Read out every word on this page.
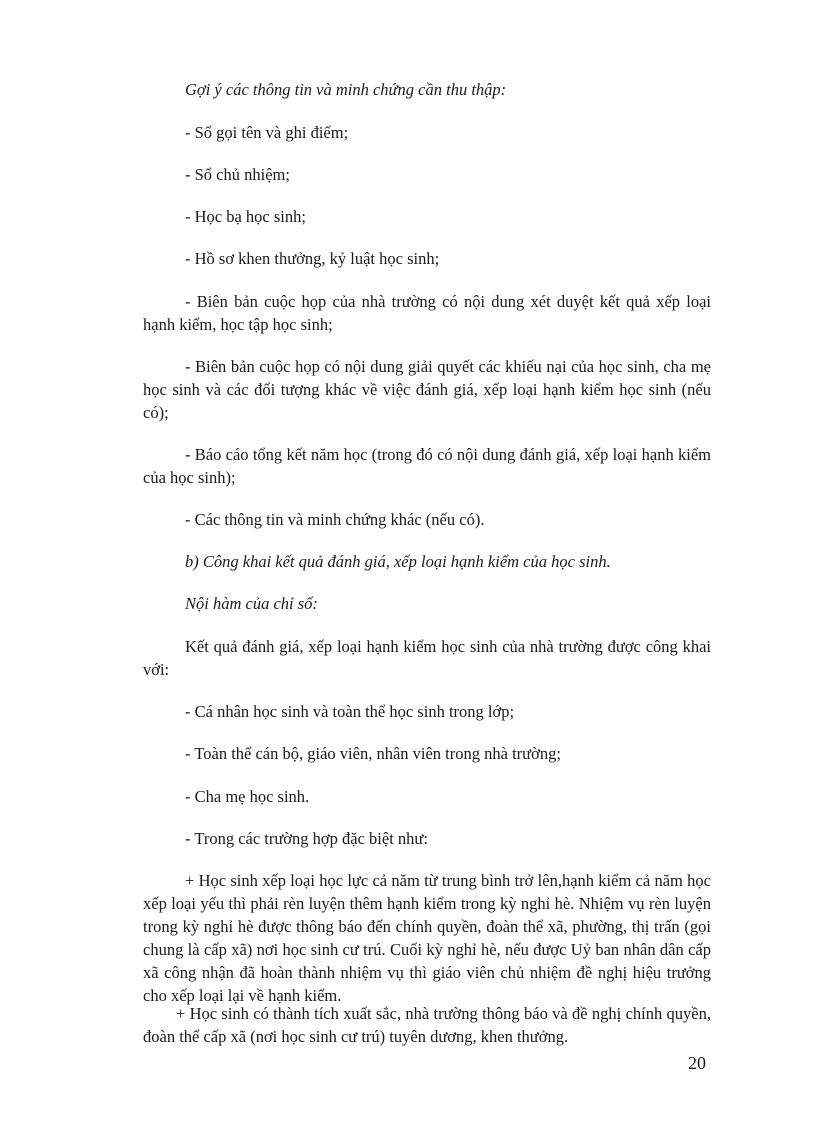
Gợi ý các thông tin và minh chứng cần thu thập:

- Sổ gọi tên và ghi điểm;

- Sổ chủ nhiệm;

- Học bạ học sinh;

- Hồ sơ khen thưởng, kỷ luật học sinh;

- Biên bản cuộc họp của nhà trường có nội dung xét duyệt kết quả xếp loại hạnh kiểm, học tập học sinh;

- Biên bản cuộc họp có nội dung giải quyết các khiếu nại của học sinh, cha mẹ học sinh và các đối tượng khác về việc đánh giá, xếp loại hạnh kiểm học sinh (nếu có);

- Báo cáo tổng kết năm học (trong đó có nội dung đánh giá, xếp loại hạnh kiểm của học sinh);

- Các thông tin và minh chứng khác (nếu có).

b) Công khai kết quả đánh giá, xếp loại hạnh kiểm của học sinh.

Nội hàm của chỉ số:

Kết quả đánh giá, xếp loại hạnh kiểm học sinh của nhà trường được công khai với:

- Cá nhân học sinh và toàn thể học sinh trong lớp;

- Toàn thể cán bộ, giáo viên, nhân viên trong nhà trường;

- Cha mẹ học sinh.

- Trong các trường hợp đặc biệt như:

+ Học sinh xếp loại học lực cả năm từ trung bình trở lên,hạnh kiểm cả năm học xếp loại yếu thì phải rèn luyện thêm hạnh kiểm trong kỳ nghỉ hè. Nhiệm vụ rèn luyện trong kỳ nghỉ hè được thông báo đến chính quyền, đoàn thể xã, phường, thị trấn (gọi chung là cấp xã) nơi học sinh cư trú. Cuối kỳ nghỉ hè, nếu được Uỷ ban nhân dân cấp xã công nhận đã hoàn thành nhiệm vụ thì giáo viên chủ nhiệm đề nghị hiệu trưởng cho xếp loại lại về hạnh kiểm.

+ Học sinh có thành tích xuất sắc, nhà trường thông báo và đề nghị chính quyền, đoàn thể cấp xã (nơi học sinh cư trú) tuyên dương, khen thưởng.

20
